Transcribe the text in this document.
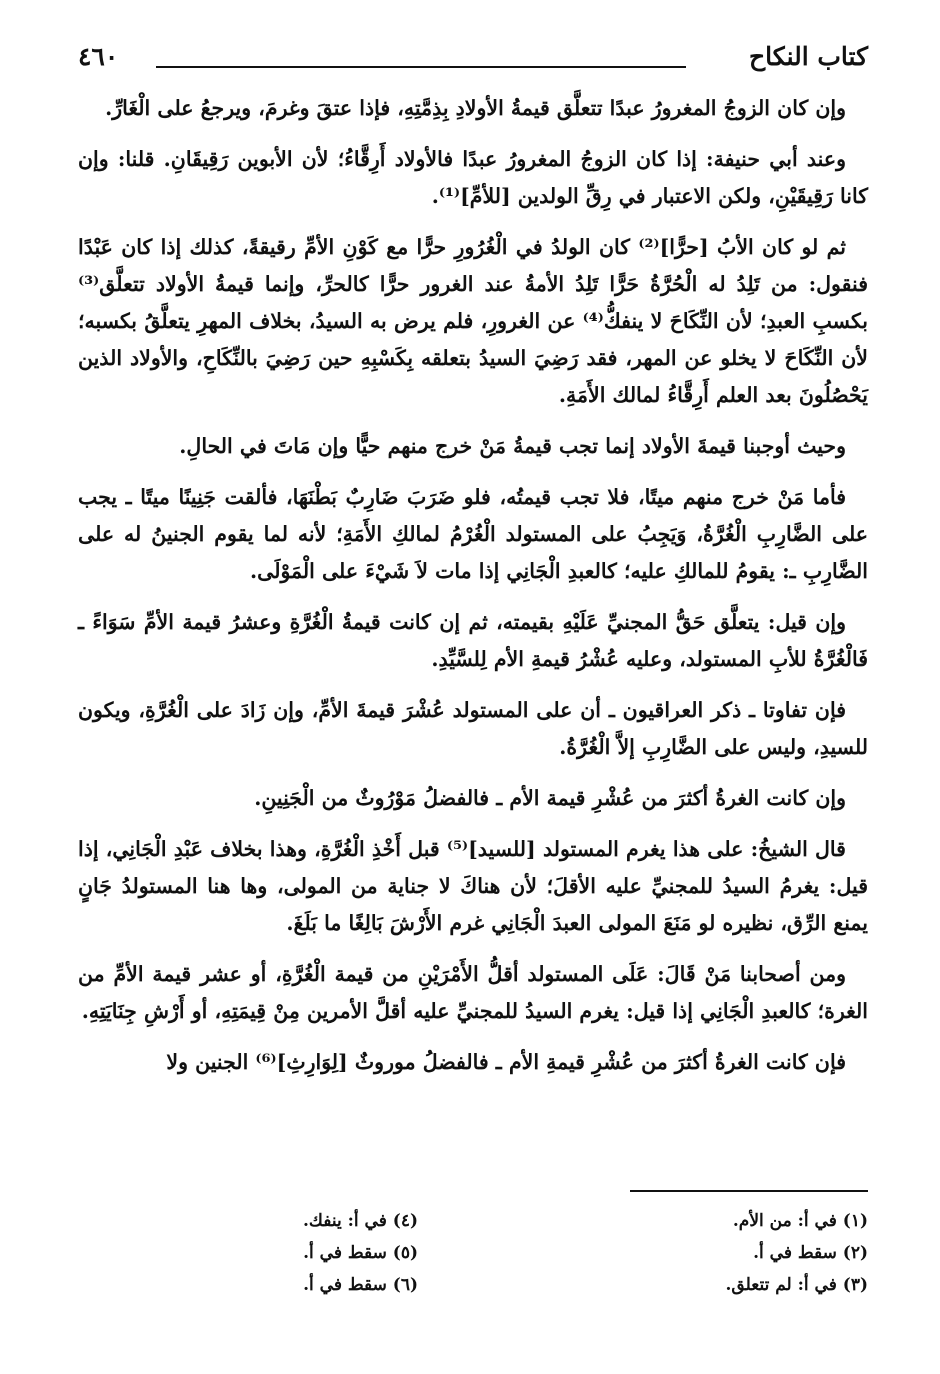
كتاب النكاح
٤٦٠

وإن كان الزوجُ المغرورُ عبدًا تتعلَّق قيمةُ الأولادِ بِذِمَّتِهِ، فإذا عتقَ وغرمَ، ويرجعُ على الْغَارِّ.

وعند أبي حنيفة: إذا كان الزوجُ المغرورُ عبدًا فالأولاد أَرِقَّاءُ؛ لأن الأبوين رَقِيقَانِ. قلنا: وإن كانا رَقِيقَيْنِ، ولكن الاعتبار في رِقِّ الولدين [للأمِّ]⁽¹⁾.

ثم لو كان الأبُ [حرًّا]⁽²⁾ كان الولدُ في الْغُرُورِ حرًّا مع كَوْنِ الأمِّ رقيقةً، كذلك إذا كان عَبْدًا فنقول: من تَلِدُ له الْحُرَّةُ حَرًّا تَلِدُ الأمةُ عند الغرور حرًّا كالحرِّ، وإنما قيمةُ الأولاد تتعلَّق⁽³⁾ بكسبِ العبدِ؛ لأن النِّكَاحَ لا ينفكُّ⁽⁴⁾ عن الغرورِ، فلم يرض به السيدُ، بخلاف المهرِ يتعلَّقُ بكسبه؛ لأن النِّكَاحَ لا يخلو عن المهر، فقد رَضِيَ السيدُ بتعلقه بِكَسْبِهِ حين رَضِيَ بالنِّكَاحِ، والأولاد الذين يَحْصُلُونَ بعد العلم أَرِقَّاءُ لمالك الأَمَةِ.

وحيث أوجبنا قيمةَ الأولاد إنما تجب قيمةُ مَنْ خرج منهم حيًّا وإن مَاتَ في الحالِ.

فأما مَنْ خرج منهم ميتًا، فلا تجب قيمتُه، فلو ضَرَبَ ضَارِبٌ بَطْنَهَا، فألقت جَنِينًا ميتًا ـ يجب على الضَّارِبِ الْغُرَّةُ، وَيَجِبُ على المستولد الْغُرْمُ لمالكِ الأَمَةِ؛ لأنه لما يقوم الجنينُ له على الضَّارِبِ ـ: يقومُ للمالكِ عليه؛ كالعبدِ الْجَانِي إذا مات لاَ شَيْءَ على الْمَوْلَى.

وإن قيل: يتعلَّق حَقُّ المجنيِّ عَلَيْهِ بقيمته، ثم إن كانت قيمةُ الْغُرَّةِ وعشرُ قيمة الأمِّ سَوَاءً ـ فَالْغُرَّةُ للأبِ المستولد، وعليه عُشْرُ قيمةِ الأم لِلسَّيِّدِ.

فإن تفاوتا ـ ذكر العراقيون ـ أن على المستولد عُشْرَ قيمةَ الأمِّ، وإن زَادَ على الْغُرَّةِ، ويكون للسيدِ، وليس على الضَّارِبِ إلاَّ الْغُرَّةُ.

وإن كانت الغرةُ أكثرَ من عُشْرِ قيمة الأم ـ فالفضلُ مَوْرُوثٌ من الْجَنِينِ.

قال الشيخُ: على هذا يغرم المستولد [للسيد]⁽⁵⁾ قبل أَخْذِ الْغُرَّةِ، وهذا بخلاف عَبْدِ الْجَانِي، إذا قيل: يغرمُ السيدُ للمجنيِّ عليه الأقلَ؛ لأن هناكَ لا جناية من المولى، وها هنا المستولدُ جَانٍ يمنع الرِّق، نظيره لو مَنَعَ المولى العبدَ الْجَانِي غرم الأَرْشَ بَالِغًا ما بَلَغَ.

ومن أصحابنا مَنْ قَالَ: عَلَى المستولد أقلُّ الأَمْرَيْنِ من قيمة الْغُرَّةِ، أو عشر قيمة الأمِّ من الغرة؛ كالعبدِ الْجَانِي إذا قيل: يغرم السيدُ للمجنيِّ عليه أقلَّ الأمرين مِنْ قِيمَتِهِ، أو أَرْشِ جِنَايَتِهِ.

فإن كانت الغرةُ أكثرَ من عُشْرِ قيمةِ الأم ـ فالفضلُ موروثٌ [لِوَارِثِ]⁽⁶⁾ الجنين ولا

(١) في أ: من الأم.
(٢) سقط في أ.
(٣) في أ: لم تتعلق.
(٤) في أ: ينفك.
(٥) سقط في أ.
(٦) سقط في أ.
